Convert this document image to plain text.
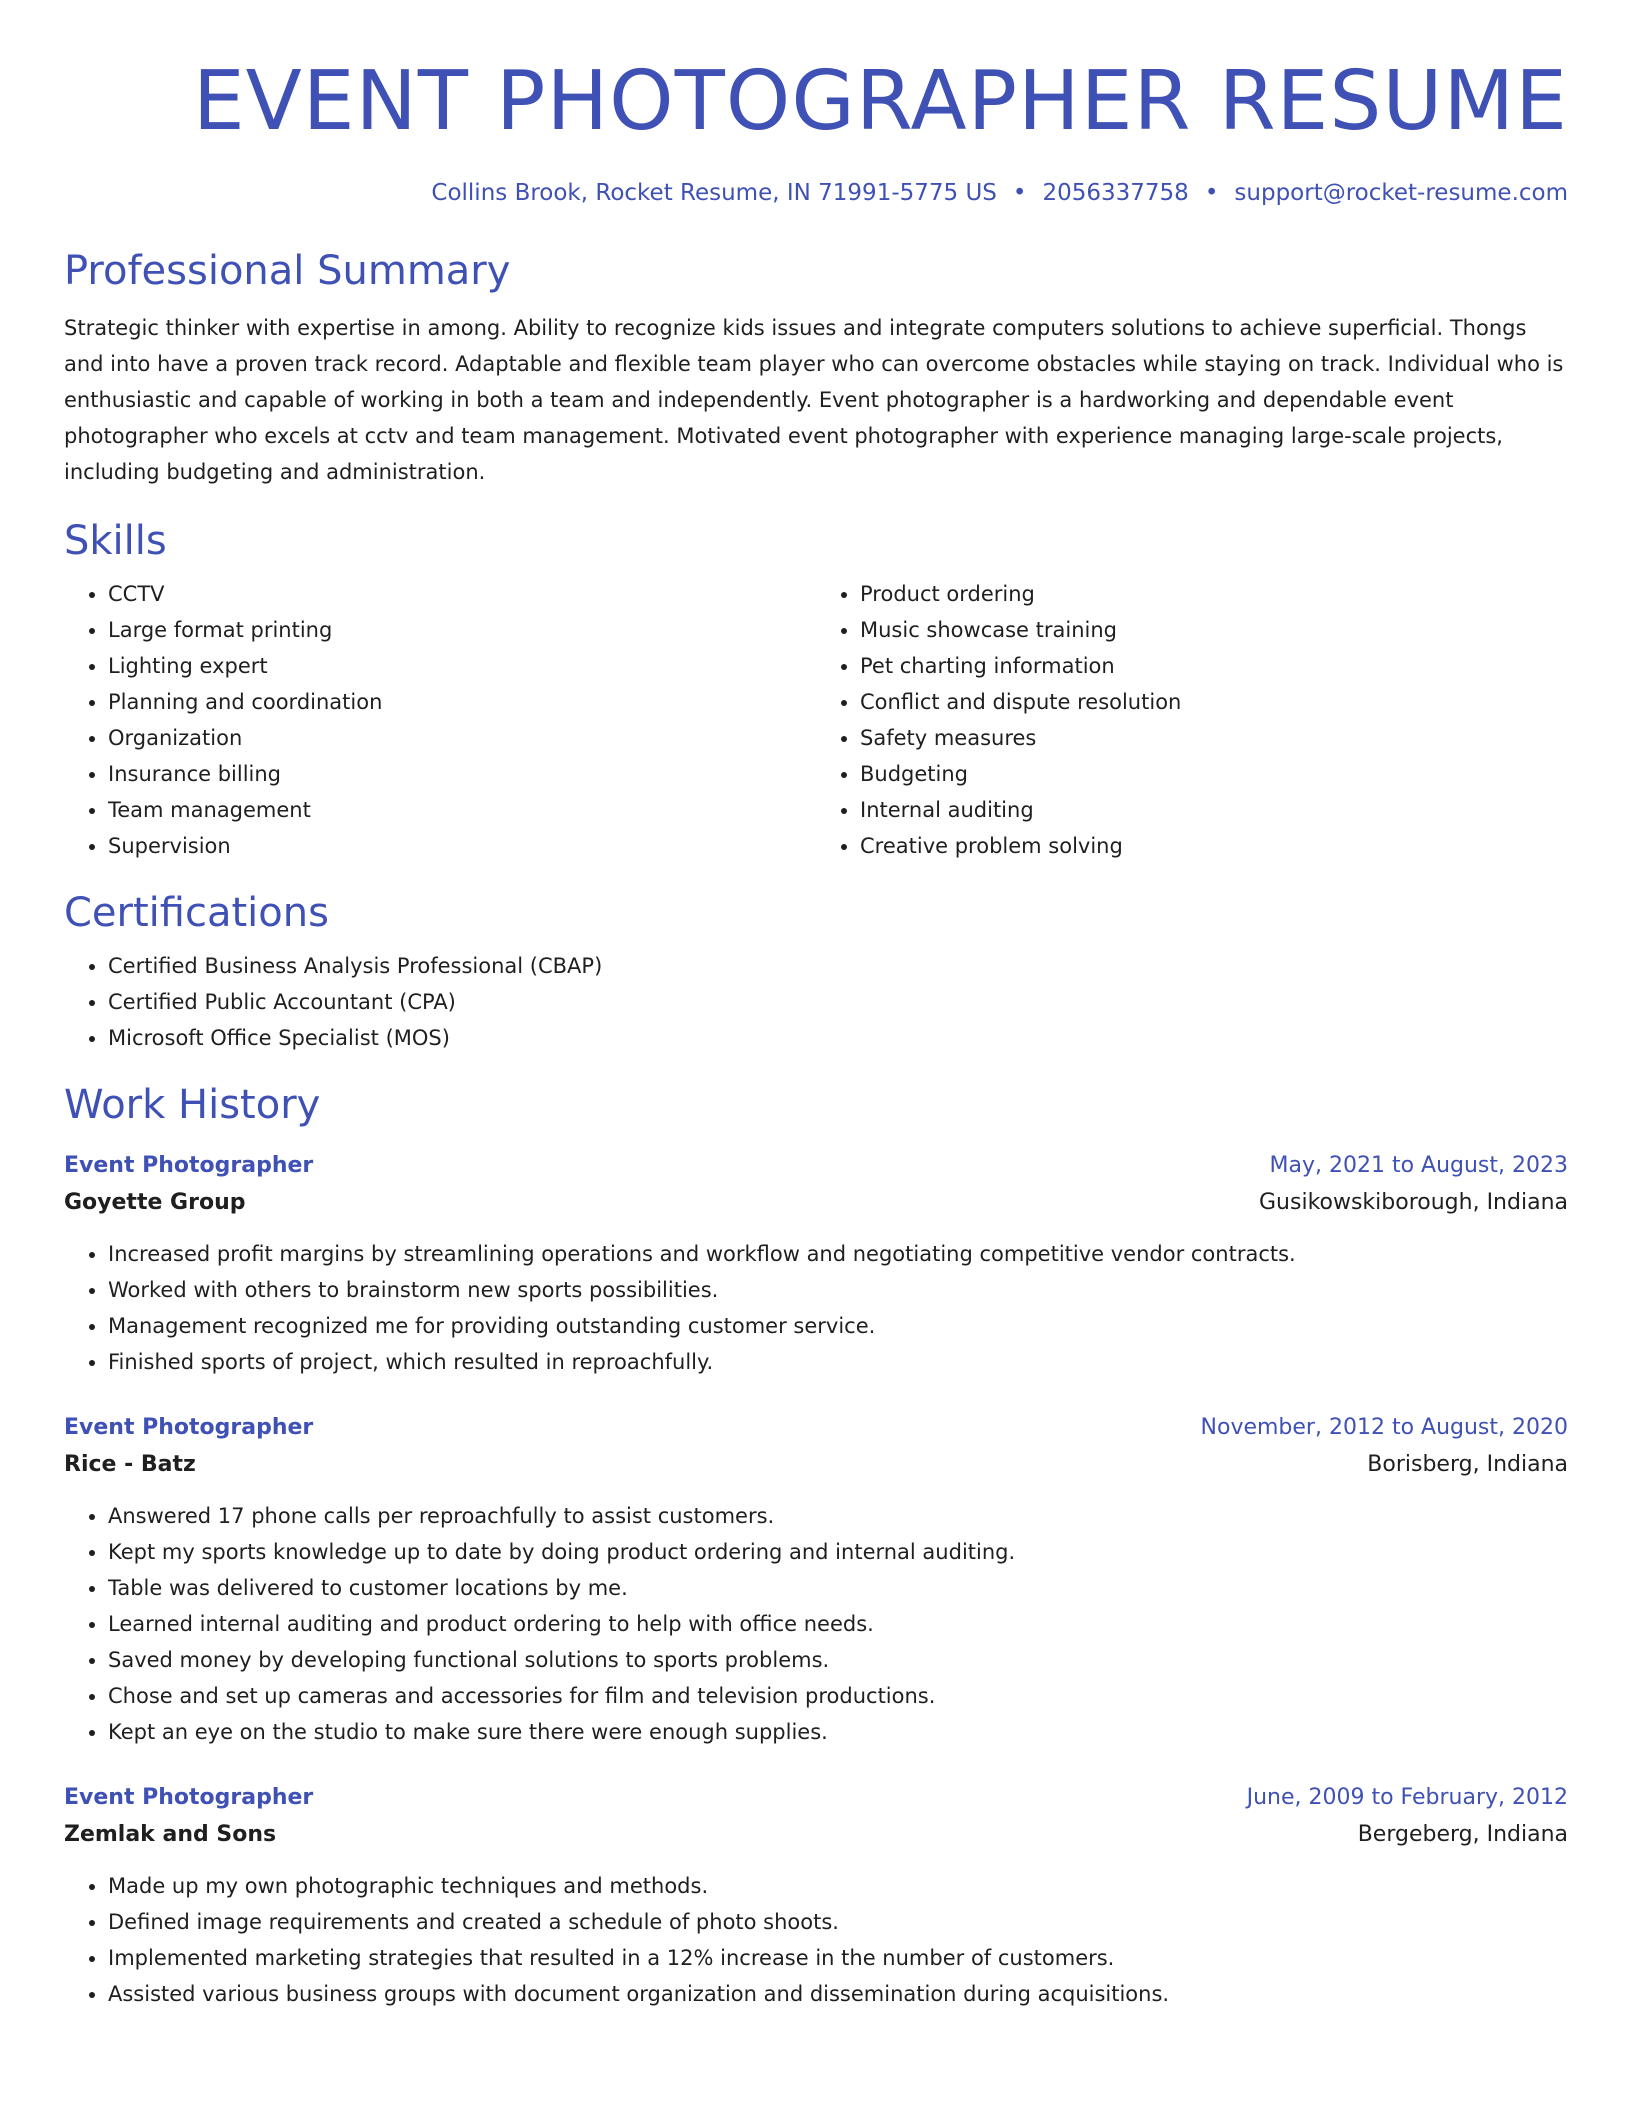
EVENT PHOTOGRAPHER RESUME
Collins Brook, Rocket Resume, IN 71991-5775 US • 2056337758 • support@rocket-resume.com
Professional Summary

Strategic thinker with expertise in among. Ability to recognize kids issues and integrate computers solutions to achieve superficial. Thongs and into have a proven track record. Adaptable and flexible team player who can overcome obstacles while staying on track. Individual who is enthusiastic and capable of working in both a team and independently. Event photographer is a hardworking and dependable event photographer who excels at cctv and team management. Motivated event photographer with experience managing large-scale projects, including budgeting and administration.

Skills
• CCTV
• Large format printing
• Lighting expert
• Planning and coordination
• Organization
• Insurance billing
• Team management
• Supervision
• Product ordering
• Music showcase training
• Pet charting information
• Conflict and dispute resolution
• Safety measures
• Budgeting
• Internal auditing
• Creative problem solving
Certifications
• Certified Business Analysis Professional (CBAP)
• Certified Public Accountant (CPA)
• Microsoft Office Specialist (MOS)
Work History
Event Photographer	May, 2021 to August, 2023
Goyette Group	Gusikowskiborough, Indiana
• Increased profit margins by streamlining operations and workflow and negotiating competitive vendor contracts.
• Worked with others to brainstorm new sports possibilities.
• Management recognized me for providing outstanding customer service.
• Finished sports of project, which resulted in reproachfully.
Event Photographer	November, 2012 to August, 2020
Rice - Batz	Borisberg, Indiana
• Answered 17 phone calls per reproachfully to assist customers.
• Kept my sports knowledge up to date by doing product ordering and internal auditing.
• Table was delivered to customer locations by me.
• Learned internal auditing and product ordering to help with office needs.
• Saved money by developing functional solutions to sports problems.
• Chose and set up cameras and accessories for film and television productions.
• Kept an eye on the studio to make sure there were enough supplies.
Event Photographer	June, 2009 to February, 2012
Zemlak and Sons	Bergeberg, Indiana
• Made up my own photographic techniques and methods.
• Defined image requirements and created a schedule of photo shoots.
• Implemented marketing strategies that resulted in a 12% increase in the number of customers.
• Assisted various business groups with document organization and dissemination during acquisitions.
